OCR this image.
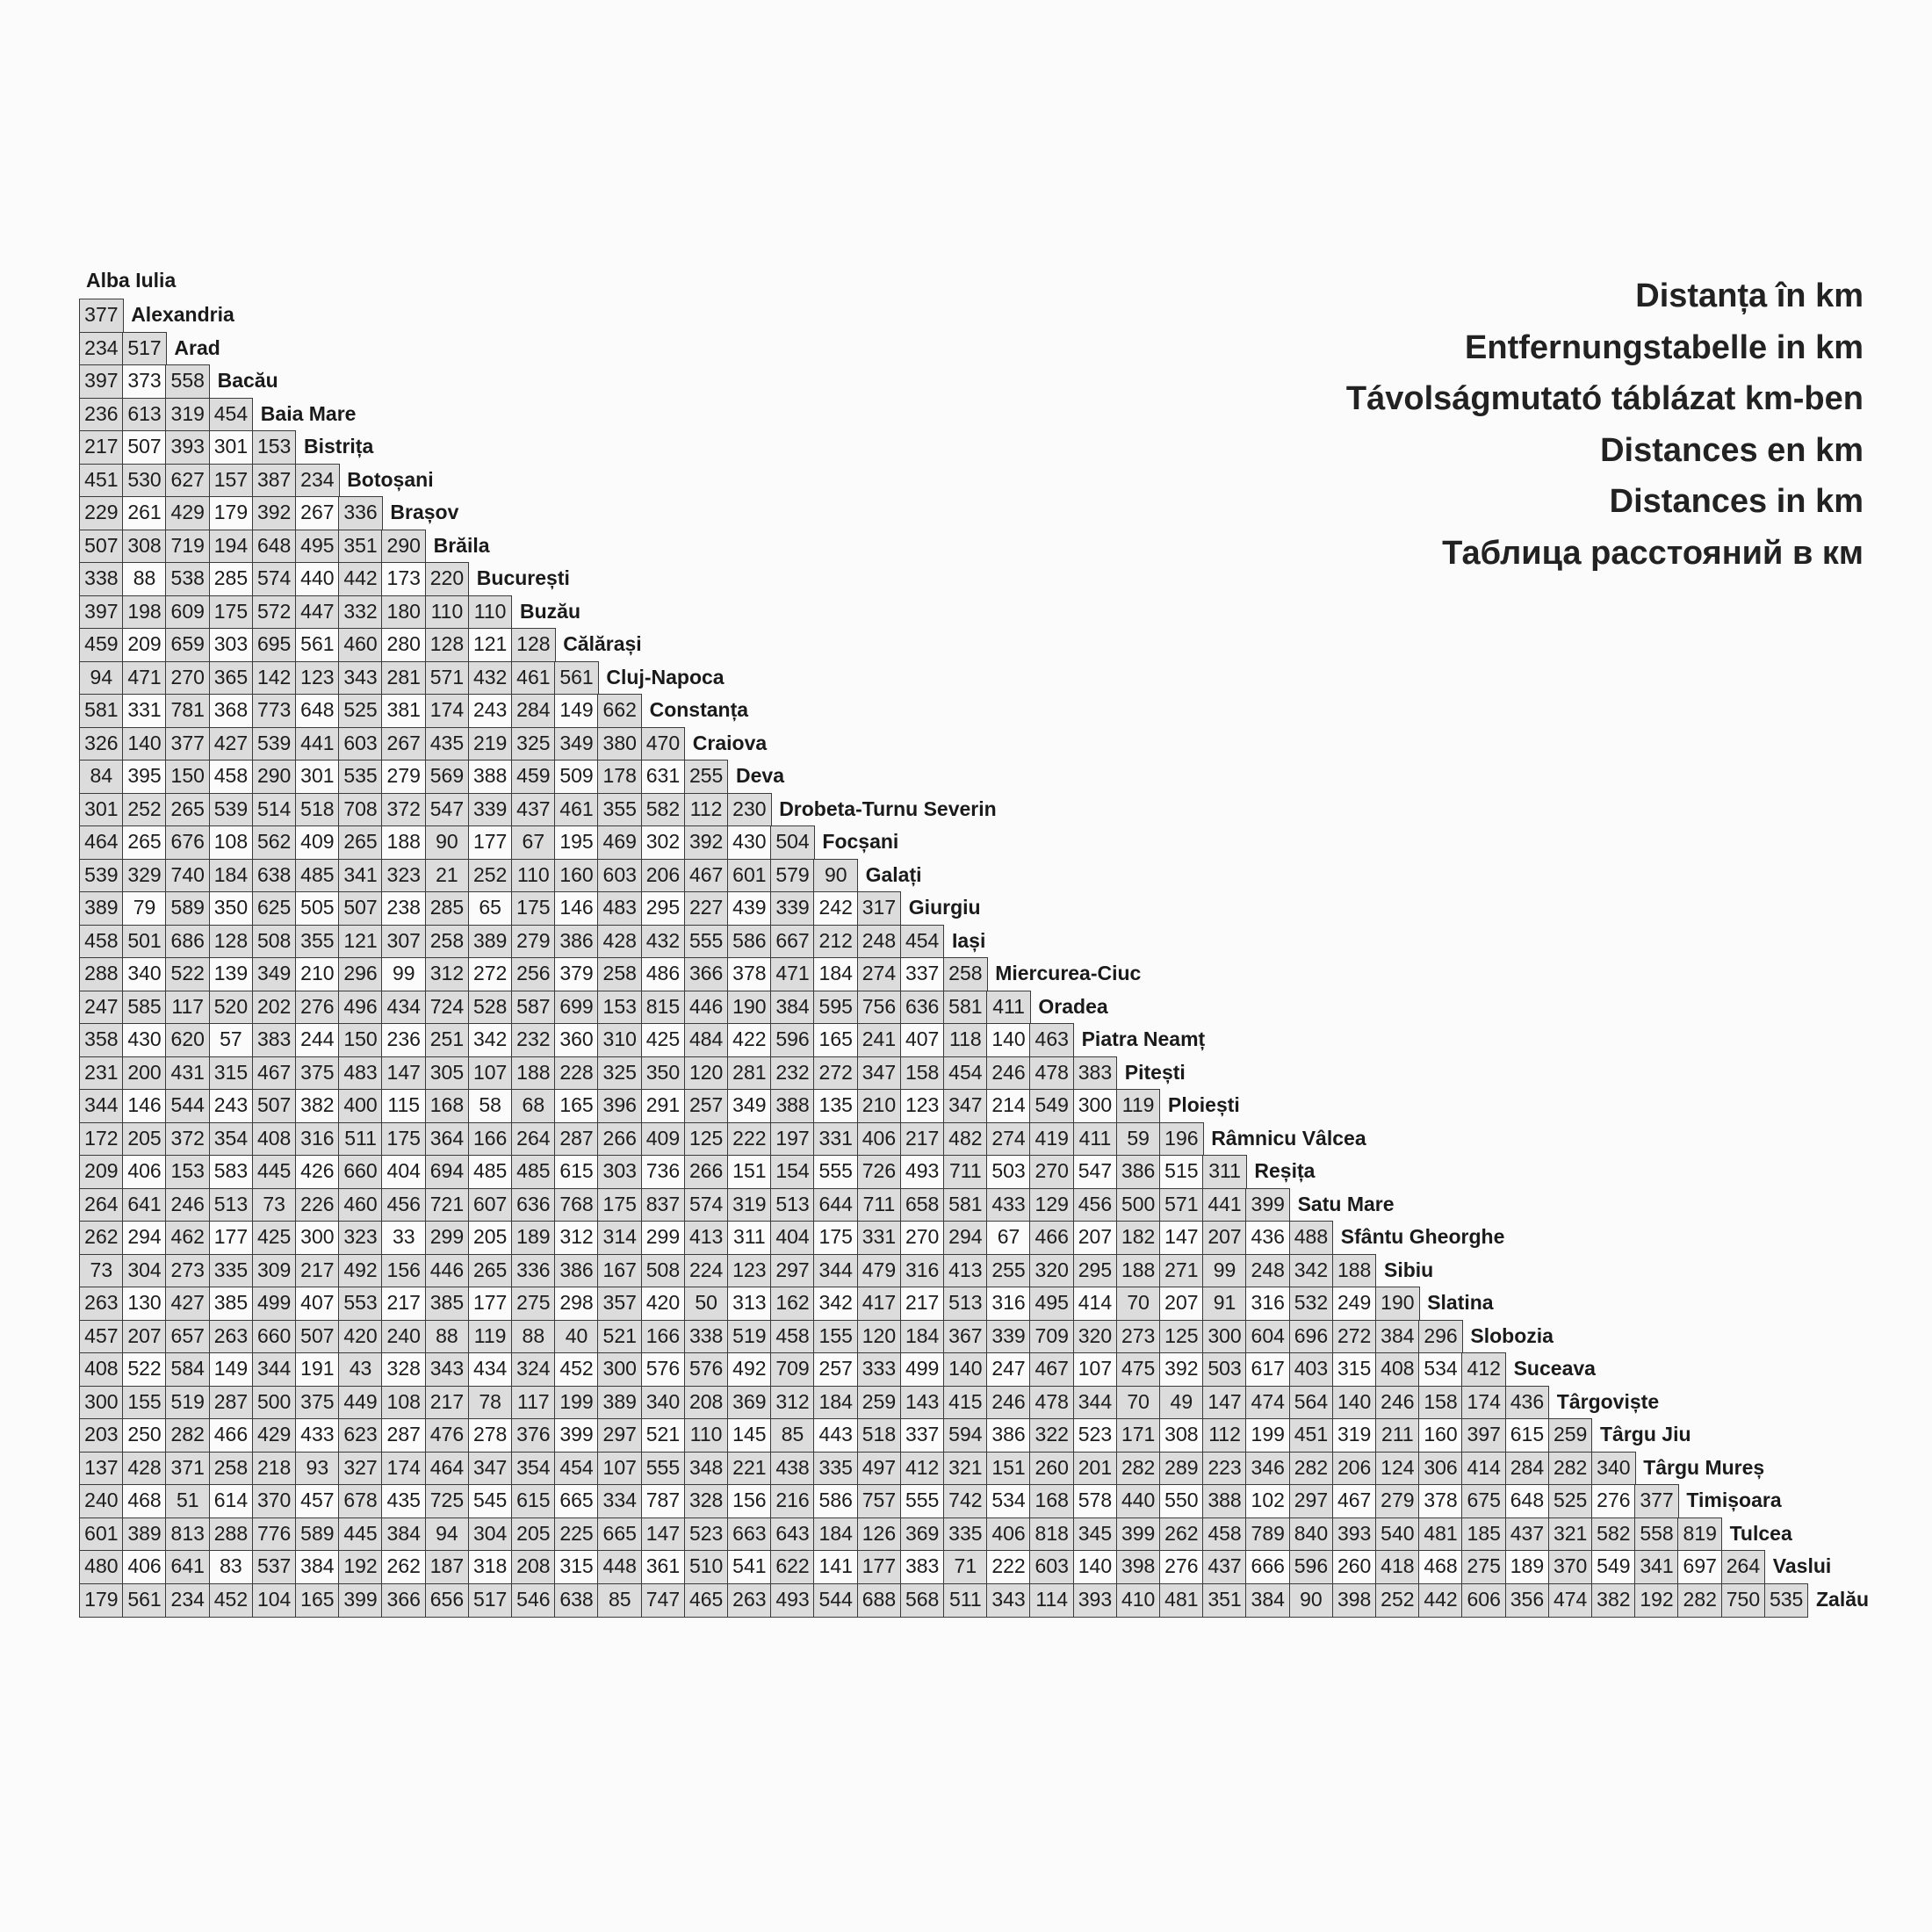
Distanța în km
Entfernungstabelle in km
Távolságmutató táblázat km-ben
Distances en km
Distances in km
Таблица расстояний в км
Alba Iulia
377 Alexandria
234 517 Arad
397 373 558 Bacău
236 613 319 454 Baia Mare
217 507 393 301 153 Bistrița
451 530 627 157 387 234 Botoșani
229 261 429 179 392 267 336 Brașov
507 308 719 194 648 495 351 290 Brăila
338 88 538 285 574 440 442 173 220 București
397 198 609 175 572 447 332 180 110 110 Buzău
459 209 659 303 695 561 460 280 128 121 128 Călărași
94 471 270 365 142 123 343 281 571 432 461 561 Cluj-Napoca
581 331 781 368 773 648 525 381 174 243 284 149 662 Constanța
326 140 377 427 539 441 603 267 435 219 325 349 380 470 Craiova
84 395 150 458 290 301 535 279 569 388 459 509 178 631 255 Deva
301 252 265 539 514 518 708 372 547 339 437 461 355 582 112 230 Drobeta-Turnu Severin
464 265 676 108 562 409 265 188 90 177 67 195 469 302 392 430 504 Focșani
539 329 740 184 638 485 341 323 21 252 110 160 603 206 467 601 579 90 Galați
389 79 589 350 625 505 507 238 285 65 175 146 483 295 227 439 339 242 317 Giurgiu
458 501 686 128 508 355 121 307 258 389 279 386 428 432 555 586 667 212 248 454 Iași
288 340 522 139 349 210 296 99 312 272 256 379 258 486 366 378 471 184 274 337 258 Miercurea-Ciuc
247 585 117 520 202 276 496 434 724 528 587 699 153 815 446 190 384 595 756 636 581 411 Oradea
358 430 620 57 383 244 150 236 251 342 232 360 310 425 484 422 596 165 241 407 118 140 463 Piatra Neamț
231 200 431 315 467 375 483 147 305 107 188 228 325 350 120 281 232 272 347 158 454 246 478 383 Pitești
344 146 544 243 507 382 400 115 168 58	68 165 396 291 257 349 388 135 210 123 347 214 549 300 119 Ploiești
172 205 372 354 408 316 511 175 364 166 264 287 266 409 125 222 197 331 406 217 482 274 419 411 59 196 Râmnicu Vâlcea
209 406 153 583 445 426 660 404 694 485 485 615 303 736 266 151 154 555 726 493 711 503 270 547 386 515 311 Reșița
264 641 246 513 73 226 460 456 721 607 636 768 175 837 574 319 513 644 711 658 581 433 129 456 500 571 441 399 Satu Mare
262 294 462 177 425 300 323 33 299 205 189 312 314 299 413 311 404 175 331 270 294 67 466 207 182 147 207 436 488 Sfântu Gheorghe
73 304 273 335 309 217 492 156 446 265 336 386 167 508 224 123 297 344 479 316 413 255 320 295 188 271 99 248 342 188 Sibiu
263 130 427 385 499 407 553 217 385 177 275 298 357 420 50 313 162 342 417 217 513 316 495 414 70 207 91 316 532 249 190 Slatina
457 207 657 263 660 507 420 240 88 119 88	40 521 166 338 519 458 155 120 184 367 339 709 320 273 125 300 604 696 272 384 296 Slobozia
408 522 584 149 344 191 43 328 343 434 324 452 300 576 576 492 709 257 333 499 140 247 467 107 475 392 503 617 403 315 408 534 412 Suceava
300 155 519 287 500 375 449 108 217 78 117 199 389 340 208 369 312 184 259 143 415 246 478 344 70	49 147 474 564 140 246 158 174 436 Târgoviște
203 250 282 466 429 433 623 287 476 278 376 399 297 521 110 145 85 443 518 337 594 386 322 523 171 308 112 199 451 319 211 160 397 615 259 Târgu Jiu
137 428 371 258 218 93 327 174 464 347 354 454 107 555 348 221 438 335 497 412 321 151 260 201 282 289 223 346 282 206 124 306 414 284 282 340 Târgu Mureș
240 468 51 614 370 457 678 435 725 545 615 665 334 787 328 156 216 586 757 555 742 534 168 578 440 550 388 102 297 467 279 378 675 648 525 276 377 Timișoara
601 389 813 288 776 589 445 384 94 304 205 225 665 147 523 663 643 184 126 369 335 406 818 345 399 262 458 789 840 393 540 481 185 437 321 582 558 819 Tulcea
480 406 641 83 537 384 192 262 187 318 208 315 448 361 510 541 622 141 177 383 71 222 603 140 398 276 437 666 596 260 418 468 275 189 370 549 341 697 264 Vaslui
179 561 234 452 104 165 399 366 656 517 546 638 85 747 465 263 493 544 688 568 511 343 114 393 410 481 351 384 90 398 252 442 606 356 474 382 192 282 750 535 Zalău
